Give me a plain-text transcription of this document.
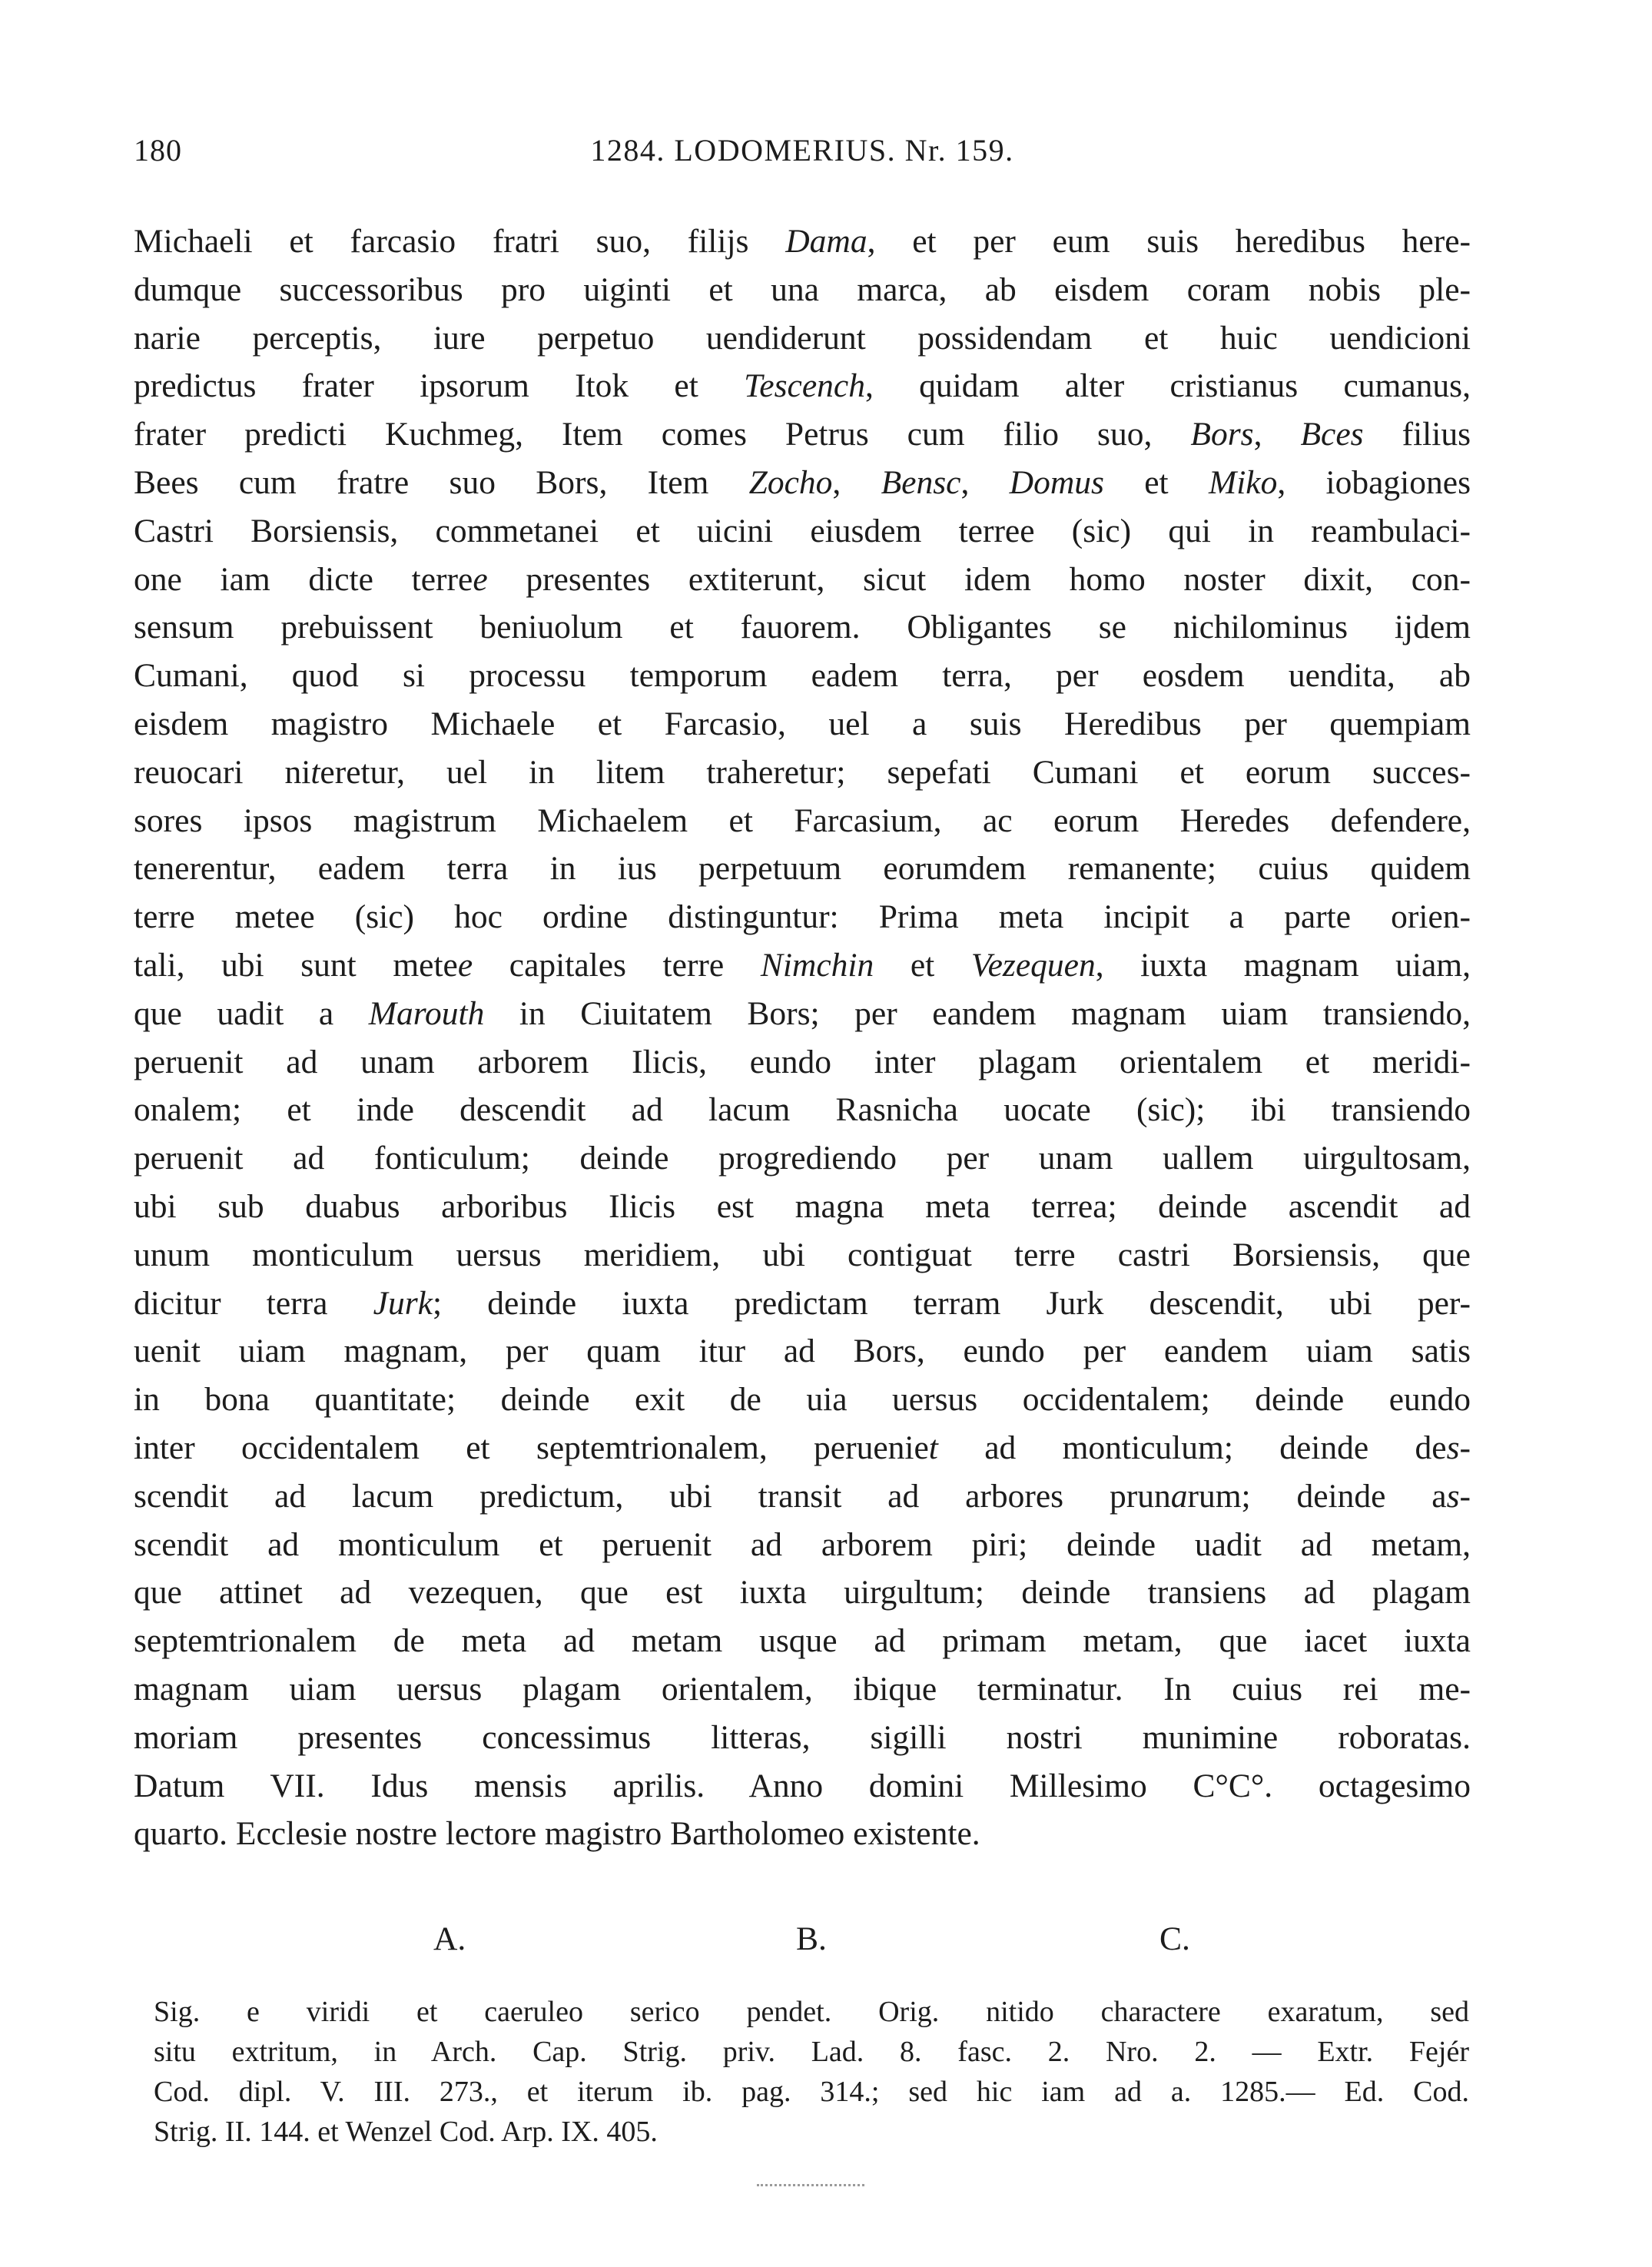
180	1284. LODOMERIUS. Nr. 159.
Michaeli et farcasio fratri suo, filijs Dama, et per eum suis heredibus here-
dumque successoribus pro uiginti et una marca, ab eisdem coram nobis ple-
narie perceptis, iure perpetuo uendiderunt possidendam et huic uendicioni
predictus frater ipsorum Itok et Tescench, quidam alter cristianus cumanus,
frater predicti Kuchmeg, Item comes Petrus cum filio suo, Bors, Bces filius
Bees cum fratre suo Bors, Item Zocho, Bensc, Domus et Miko, iobagiones
Castri Borsiensis, commetanei et uicini eiusdem terree (sic) qui in reambulaci-
one iam dicte terree presentes extiterunt, sicut idem homo noster dixit, con-
sensum prebuissent beniuolum et fauorem. Obligantes se nichilominus ijdem
Cumani, quod si processu temporum eadem terra, per eosdem uendita, ab
eisdem magistro Michaele et Farcasio, uel a suis Heredibus per quempiam
reuocari niteretur, uel in litem traheretur; sepefati Cumani et eorum succes-
sores ipsos magistrum Michaelem et Farcasium, ac eorum Heredes defendere,
tenerentur, eadem terra in ius perpetuum eorumdem remanente; cuius quidem
terre metee (sic) hoc ordine distinguntur: Prima meta incipit a parte orien-
tali, ubi sunt metee capitales terre Nimchin et Vezequen, iuxta magnam uiam,
que uadit a Marouth in Ciuitatem Bors; per eandem magnam uiam transiendo,
peruenit ad unam arborem Ilicis, eundo inter plagam orientalem et meridi-
onalem; et inde descendit ad lacum Rasnicha uocate (sic); ibi transiendo
peruenit ad fonticulum; deinde progrediendo per unam uallem uirgultosam,
ubi sub duabus arboribus Ilicis est magna meta terrea; deinde ascendit ad
unum monticulum uersus meridiem, ubi contiguat terre castri Borsiensis, que
dicitur terra Jurk; deinde iuxta predictam terram Jurk descendit, ubi per-
uenit uiam magnam, per quam itur ad Bors, eundo per eandem uiam satis
in bona quantitate; deinde exit de uia uersus occidentalem; deinde eundo
inter occidentalem et septemtrionalem, perueniet ad monticulum; deinde des-
scendit ad lacum predictum, ubi transit ad arbores prunarum; deinde as-
scendit ad monticulum et peruenit ad arborem piri; deinde uadit ad metam,
que attinet ad vezequen, que est iuxta uirgultum; deinde transiens ad plagam
septemtrionalem de meta ad metam usque ad primam metam, que iacet iuxta
magnam uiam uersus plagam orientalem, ibique terminatur. In cuius rei me-
moriam presentes concessimus litteras, sigilli nostri munimine roboratas.
Datum VII. Idus mensis aprilis. Anno domini Millesimo C°C°. octagesimo
quarto. Ecclesie nostre lectore magistro Bartholomeo existente.
A.	B.	C.
Sig. e viridi et caeruleo serico pendet. Orig. nitido charactere exaratum, sed
situ extritum, in Arch. Cap. Strig. priv. Lad. 8. fasc. 2. Nro. 2. — Extr. Fejér
Cod. dipl. V. III. 273., et iterum ib. pag. 314.; sed hic iam ad a. 1285.— Ed. Cod.
Strig. II. 144. et Wenzel Cod. Arp. IX. 405.
